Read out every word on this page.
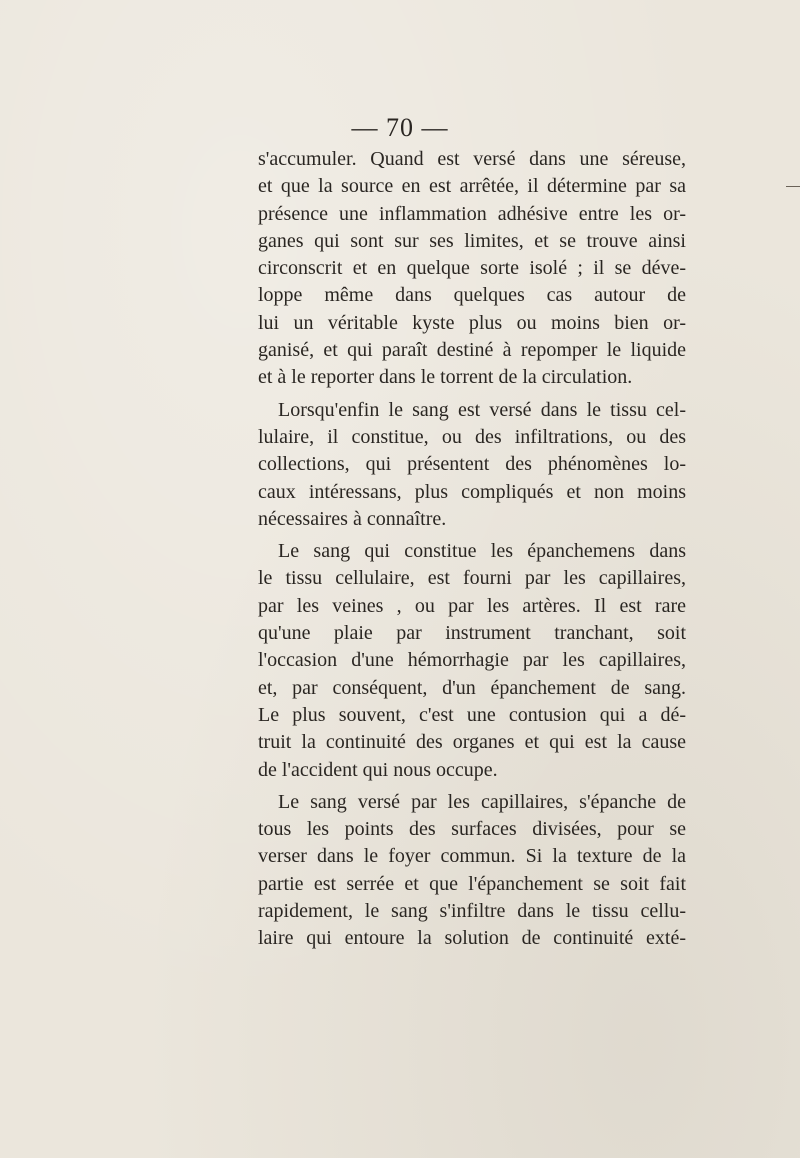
— 70 —
s'accumuler. Quand est versé dans une séreuse,
et que la source en est arrêtée, il détermine par sa
présence une inflammation adhésive entre les or-
ganes qui sont sur ses limites, et se trouve ainsi
circonscrit et en quelque sorte isolé ; il se déve-
loppe même dans quelques cas autour de
lui un véritable kyste plus ou moins bien or-
ganisé, et qui paraît destiné à repomper le liquide
et à le reporter dans le torrent de la circulation.
Lorsqu'enfin le sang est versé dans le tissu cel-
lulaire, il constitue, ou des infiltrations, ou des
collections, qui présentent des phénomènes lo-
caux intéressans, plus compliqués et non moins
nécessaires à connaître.
Le sang qui constitue les épanchemens dans
le tissu cellulaire, est fourni par les capillaires,
par les veines , ou par les artères. Il est rare
qu'une plaie par instrument tranchant, soit
l'occasion d'une hémorrhagie par les capillaires,
et, par conséquent, d'un épanchement de sang.
Le plus souvent, c'est une contusion qui a dé-
truit la continuité des organes et qui est la cause
de l'accident qui nous occupe.
Le sang versé par les capillaires, s'épanche de
tous les points des surfaces divisées, pour se
verser dans le foyer commun. Si la texture de la
partie est serrée et que l'épanchement se soit fait
rapidement, le sang s'infiltre dans le tissu cellu-
laire qui entoure la solution de continuité exté-
